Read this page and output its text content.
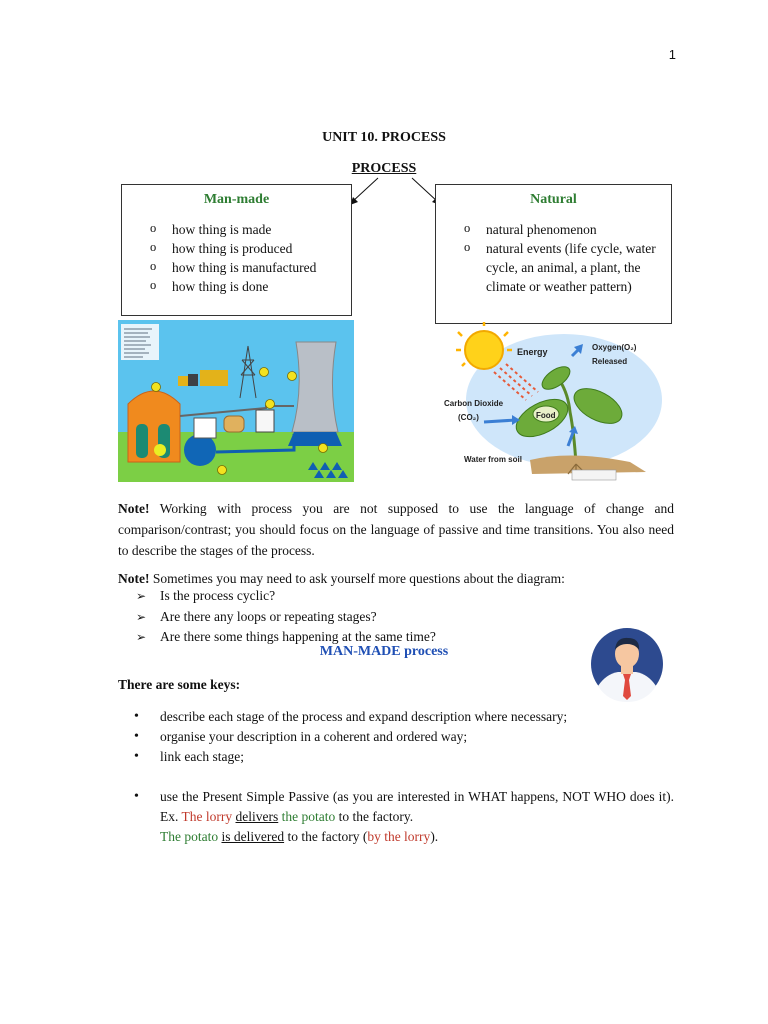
1
UNIT 10. PROCESS
PROCESS
Man-made
o how thing is made
o how thing is produced
o how thing is manufactured
o how thing is done
Natural
o natural phenomenon
o natural events (life cycle, water cycle, an animal, a plant, the climate or weather pattern)
Energy	Oxygen(O₂)
Released
Carbon Dioxide
(CO₂)	Food
Water from soil
Note! Working with process you are not supposed to use the language of change and comparison/contrast; you should focus on the language of passive and time transitions. You also need to describe the stages of the process.
Note! Sometimes you may need to ask yourself more questions about the diagram:
➢ Is the process cyclic?
➢ Are there any loops or repeating stages?
➢ Are there some things happening at the same time?
MAN-MADE process
There are some keys:
• describe each stage of the process and expand description where necessary;
• organise your description in a coherent and ordered way;
• link each stage;
• use the Present Simple Passive (as you are interested in WHAT happens, NOT WHO does it). Ex. The lorry delivers the potato to the factory.
The potato is delivered to the factory (by the lorry).
